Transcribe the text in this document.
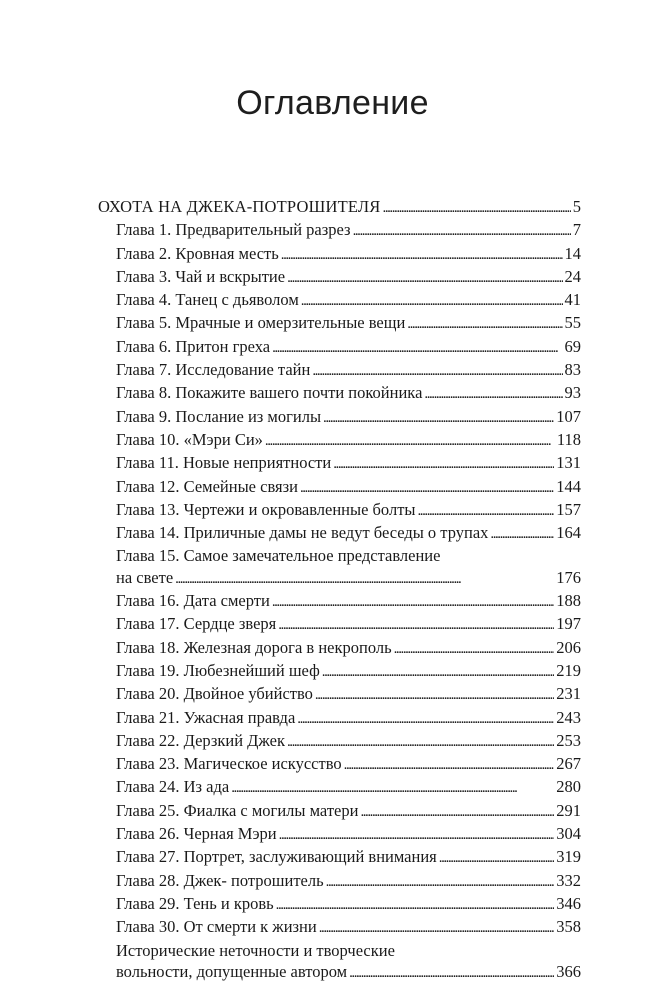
Оглавление
ОХОТА НА ДЖЕКА-ПОТРОШИТЕЛЯ . . .	5
Глава 1. Предварительный разрез . . .	7
Глава 2. Кровная месть . . .	14
Глава 3. Чай и вскрытие . . .	24
Глава 4. Танец с дьяволом . . .	41
Глава 5. Мрачные и омерзительные вещи . . .	55
Глава 6. Притон греха . . .	69
Глава 7. Исследование тайн . . .	83
Глава 8. Покажите вашего почти покойника . . .	93
Глава 9. Послание из могилы . . .	107
Глава 10. «Мэри Си» . . .	118
Глава 11. Новые неприятности . . .	131
Глава 12. Семейные связи . . .	144
Глава 13. Чертежи и окровавленные болты . . .	157
Глава 14. Приличные дамы не ведут беседы о трупах . . .	164
Глава 15. Самое замечательное представление
на свете . . .	176
Глава 16. Дата смерти . . .	188
Глава 17. Сердце зверя . . .	197
Глава 18. Железная дорога в некрополь . . .	206
Глава 19. Любезнейший шеф . . .	219
Глава 20. Двойное убийство . . .	231
Глава 21. Ужасная правда . . .	243
Глава 22. Дерзкий Джек . . .	253
Глава 23. Магическое искусство . . .	267
Глава 24. Из ада . . .	280
Глава 25. Фиалка с могилы матери . . .	291
Глава 26. Черная Мэри . . .	304
Глава 27. Портрет, заслуживающий внимания . . .	319
Глава 28. Джек- потрошитель . . .	332
Глава 29. Тень и кровь . . .	346
Глава 30. От смерти к жизни . . .	358
Исторические неточности и творческие
вольности, допущенные автором . . .	366
